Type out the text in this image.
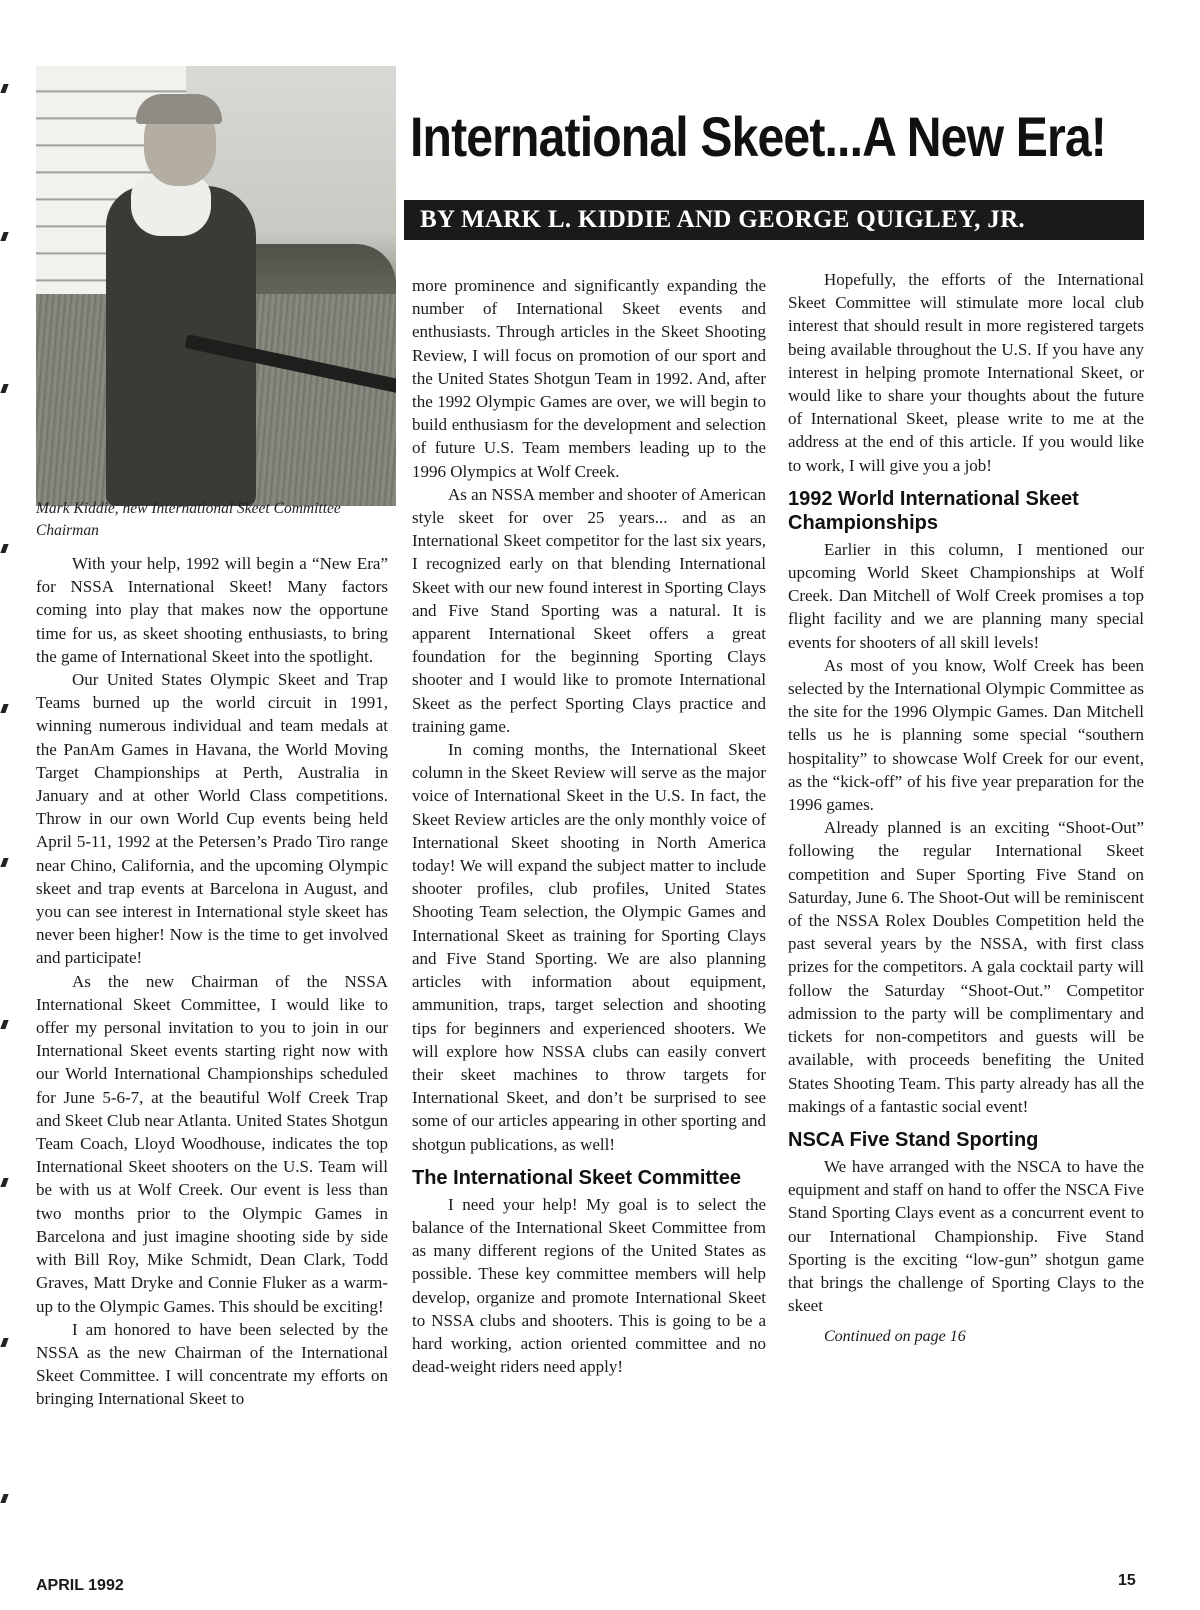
Mark Kiddie, new International Skeet Committee Chairman
International Skeet...A New Era!
BY MARK L. KIDDIE AND GEORGE QUIGLEY, JR.

With your help, 1992 will begin a “New Era” for NSSA International Skeet! Many factors coming into play that makes now the opportune time for us, as skeet shooting enthusiasts, to bring the game of International Skeet into the spotlight.

Our United States Olympic Skeet and Trap Teams burned up the world circuit in 1991, winning numerous individual and team medals at the PanAm Games in Havana, the World Moving Target Championships at Perth, Australia in January and at other World Class competitions. Throw in our own World Cup events being held April 5-11, 1992 at the Petersen’s Prado Tiro range near Chino, California, and the upcoming Olympic skeet and trap events at Barcelona in August, and you can see interest in International style skeet has never been higher! Now is the time to get involved and participate!

As the new Chairman of the NSSA International Skeet Committee, I would like to offer my personal invitation to you to join in our International Skeet events starting right now with our World International Championships scheduled for June 5-6-7, at the beautiful Wolf Creek Trap and Skeet Club near Atlanta. United States Shotgun Team Coach, Lloyd Woodhouse, indicates the top International Skeet shooters on the U.S. Team will be with us at Wolf Creek. Our event is less than two months prior to the Olympic Games in Barcelona and just imagine shooting side by side with Bill Roy, Mike Schmidt, Dean Clark, Todd Graves, Matt Dryke and Connie Fluker as a warm-up to the Olympic Games. This should be exciting!

I am honored to have been selected by the NSSA as the new Chairman of the International Skeet Committee. I will concentrate my efforts on bringing International Skeet to

more prominence and significantly expanding the number of International Skeet events and enthusiasts. Through articles in the Skeet Shooting Review, I will focus on promotion of our sport and the United States Shotgun Team in 1992. And, after the 1992 Olympic Games are over, we will begin to build enthusiasm for the development and selection of future U.S. Team members leading up to the 1996 Olympics at Wolf Creek.

As an NSSA member and shooter of American style skeet for over 25 years... and as an International Skeet competitor for the last six years, I recognized early on that blending International Skeet with our new found interest in Sporting Clays and Five Stand Sporting was a natural. It is apparent International Skeet offers a great foundation for the beginning Sporting Clays shooter and I would like to promote International Skeet as the perfect Sporting Clays practice and training game.

In coming months, the International Skeet column in the Skeet Review will serve as the major voice of International Skeet in the U.S. In fact, the Skeet Review articles are the only monthly voice of International Skeet shooting in North America today! We will expand the subject matter to include shooter profiles, club profiles, United States Shooting Team selection, the Olympic Games and International Skeet as training for Sporting Clays and Five Stand Sporting. We are also planning articles with information about equipment, ammunition, traps, target selection and shooting tips for beginners and experienced shooters. We will explore how NSSA clubs can easily convert their skeet machines to throw targets for International Skeet, and don’t be surprised to see some of our articles appearing in other sporting and shotgun publications, as well!

The International Skeet Committee

I need your help! My goal is to select the balance of the International Skeet Committee from as many different regions of the United States as possible. These key committee members will help develop, organize and promote International Skeet to NSSA clubs and shooters. This is going to be a hard working, action oriented committee and no dead-weight riders need apply!

Hopefully, the efforts of the International Skeet Committee will stimulate more local club interest that should result in more registered targets being available throughout the U.S. If you have any interest in helping promote International Skeet, or would like to share your thoughts about the future of International Skeet, please write to me at the address at the end of this article. If you would like to work, I will give you a job!

1992 World International Skeet Championships

Earlier in this column, I mentioned our upcoming World Skeet Championships at Wolf Creek. Dan Mitchell of Wolf Creek promises a top flight facility and we are planning many special events for shooters of all skill levels!

As most of you know, Wolf Creek has been selected by the International Olympic Committee as the site for the 1996 Olympic Games. Dan Mitchell tells us he is planning some special “southern hospitality” to showcase Wolf Creek for our event, as the “kick-off” of his five year preparation for the 1996 games.

Already planned is an exciting “Shoot-Out” following the regular International Skeet competition and Super Sporting Five Stand on Saturday, June 6. The Shoot-Out will be reminiscent of the NSSA Rolex Doubles Competition held the past several years by the NSSA, with first class prizes for the competitors. A gala cocktail party will follow the Saturday “Shoot-Out.” Competitor admission to the party will be complimentary and tickets for non-competitors and guests will be available, with proceeds benefiting the United States Shooting Team. This party already has all the makings of a fantastic social event!

NSCA Five Stand Sporting

We have arranged with the NSCA to have the equipment and staff on hand to offer the NSCA Five Stand Sporting Clays event as a concurrent event to our International Championship. Five Stand Sporting is the exciting “low-gun” shotgun game that brings the challenge of Sporting Clays to the skeet

Continued on page 16

APRIL 1992	15
